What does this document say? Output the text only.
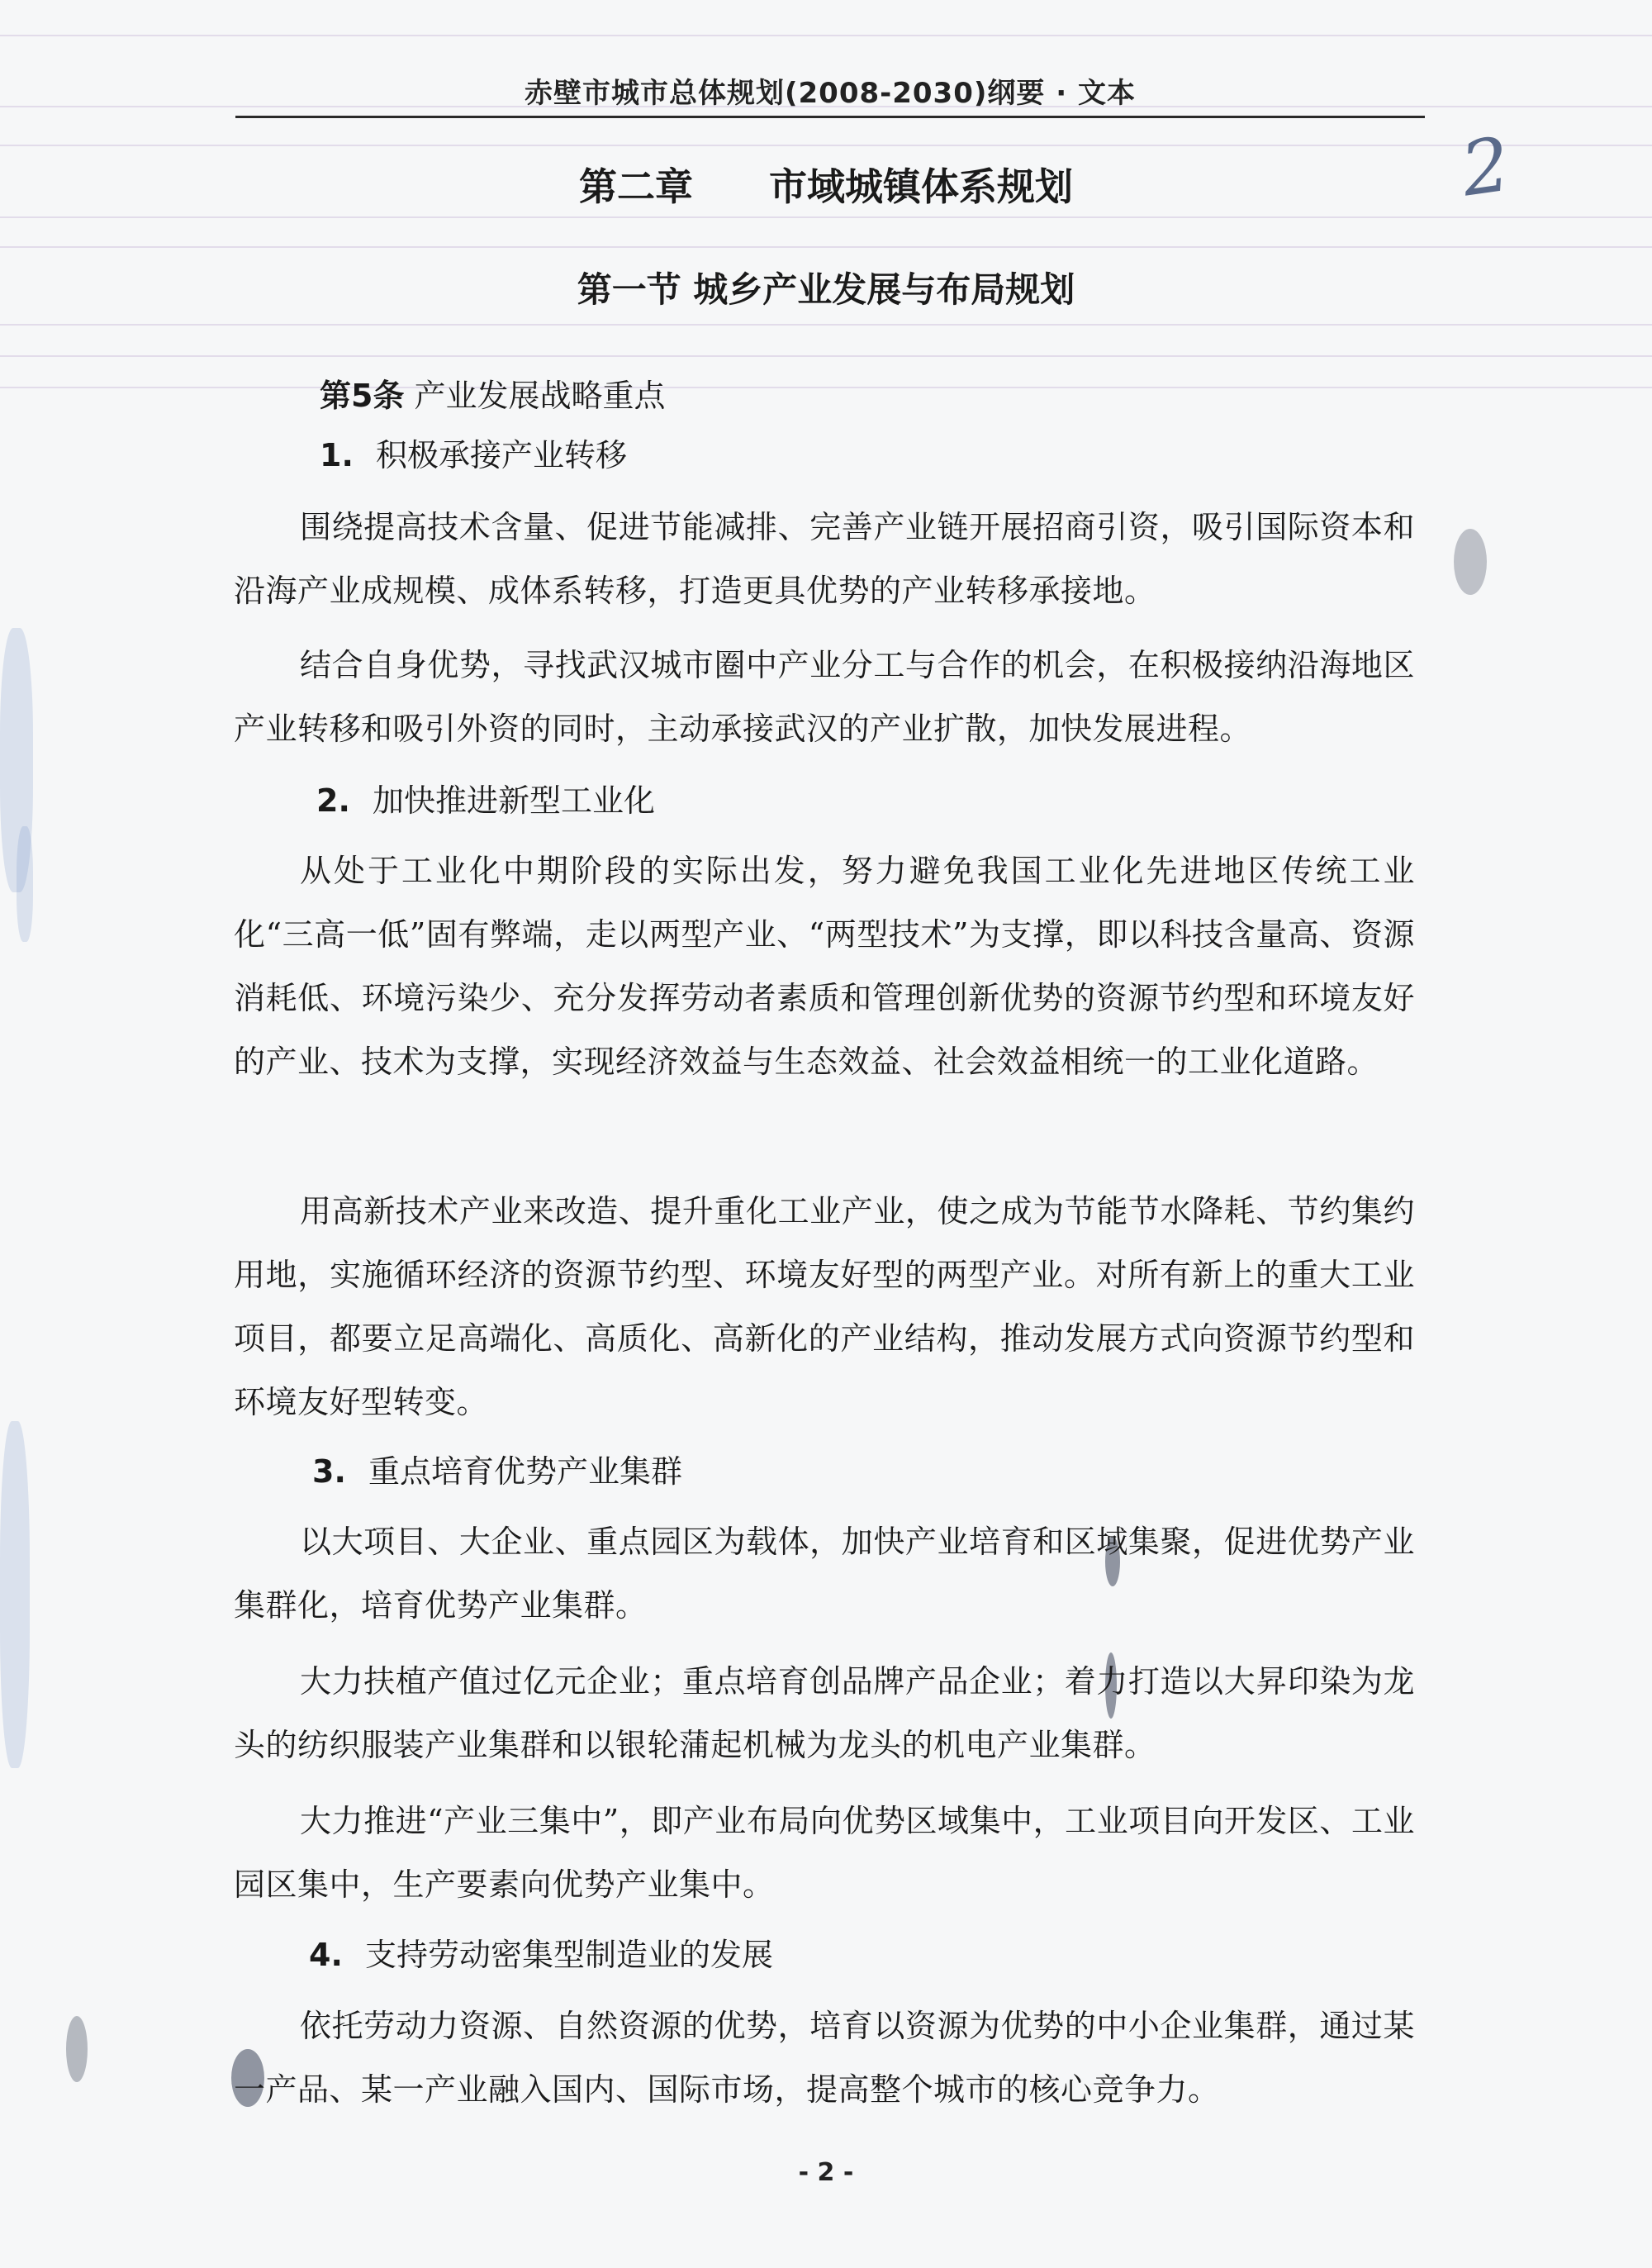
赤壁市城市总体规划(2008-2030)纲要 · 文本
2
第二章　　市域城镇体系规划
第一节 城乡产业发展与布局规划
第5条 产业发展战略重点
1. 积极承接产业转移
围绕提高技术含量、促进节能减排、完善产业链开展招商引资，吸引国际资本和沿海产业成规模、成体系转移，打造更具优势的产业转移承接地。
结合自身优势，寻找武汉城市圈中产业分工与合作的机会，在积极接纳沿海地区产业转移和吸引外资的同时，主动承接武汉的产业扩散，加快发展进程。
2. 加快推进新型工业化
从处于工业化中期阶段的实际出发，努力避免我国工业化先进地区传统工业化“三高一低”固有弊端，走以两型产业、“两型技术”为支撑，即以科技含量高、资源消耗低、环境污染少、充分发挥劳动者素质和管理创新优势的资源节约型和环境友好的产业、技术为支撑，实现经济效益与生态效益、社会效益相统一的工业化道路。
用高新技术产业来改造、提升重化工业产业，使之成为节能节水降耗、节约集约用地，实施循环经济的资源节约型、环境友好型的两型产业。对所有新上的重大工业项目，都要立足高端化、高质化、高新化的产业结构，推动发展方式向资源节约型和环境友好型转变。
3. 重点培育优势产业集群
以大项目、大企业、重点园区为载体，加快产业培育和区域集聚，促进优势产业集群化，培育优势产业集群。
大力扶植产值过亿元企业；重点培育创品牌产品企业；着力打造以大昇印染为龙头的纺织服装产业集群和以银轮蒲起机械为龙头的机电产业集群。
大力推进“产业三集中”，即产业布局向优势区域集中，工业项目向开发区、工业园区集中，生产要素向优势产业集中。
4. 支持劳动密集型制造业的发展
依托劳动力资源、自然资源的优势，培育以资源为优势的中小企业集群，通过某一产品、某一产业融入国内、国际市场，提高整个城市的核心竞争力。
- 2 -
